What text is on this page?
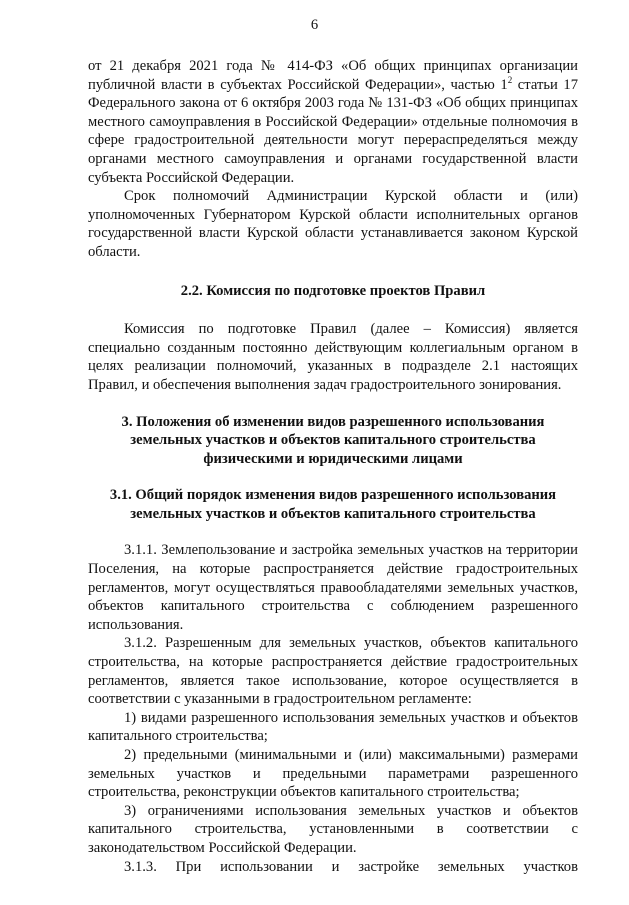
6

от 21 декабря 2021 года № 414-ФЗ «Об общих принципах организации публичной власти в субъектах Российской Федерации», частью $1^2$ статьи 17 Федерального закона от 6 октября 2003 года № 131-ФЗ «Об общих принципах местного самоуправления в Российской Федерации» отдельные полномочия в сфере градостроительной деятельности могут перераспределяться между органами местного самоуправления и органами государственной власти субъекта Российской Федерации.

Срок полномочий Администрации Курской области и (или) уполномоченных Губернатором Курской области исполнительных органов государственной власти Курской области устанавливается законом Курской области.

2.2. Комиссия по подготовке проектов Правил

Комиссия по подготовке Правил (далее – Комиссия) является специально созданным постоянно действующим коллегиальным органом в целях реализации полномочий, указанных в подразделе 2.1 настоящих Правил, и обеспечения выполнения задач градостроительного зонирования.

3. Положения об изменении видов разрешенного использования земельных участков и объектов капитального строительства физическими и юридическими лицами

3.1. Общий порядок изменения видов разрешенного использования земельных участков и объектов капитального строительства

3.1.1. Землепользование и застройка земельных участков на территории Поселения, на которые распространяется действие градостроительных регламентов, могут осуществляться правообладателями земельных участков, объектов капитального строительства с соблюдением разрешенного использования.

3.1.2. Разрешенным для земельных участков, объектов капитального строительства, на которые распространяется действие градостроительных регламентов, является такое использование, которое осуществляется в соответствии с указанными в градостроительном регламенте:

1) видами разрешенного использования земельных участков и объектов капитального строительства;

2) предельными (минимальными и (или) максимальными) размерами земельных участков и предельными параметрами разрешенного строительства, реконструкции объектов капитального строительства;

3) ограничениями использования земельных участков и объектов капитального строительства, установленными в соответствии с законодательством Российской Федерации.

3.1.3. При использовании и застройке земельных участков
